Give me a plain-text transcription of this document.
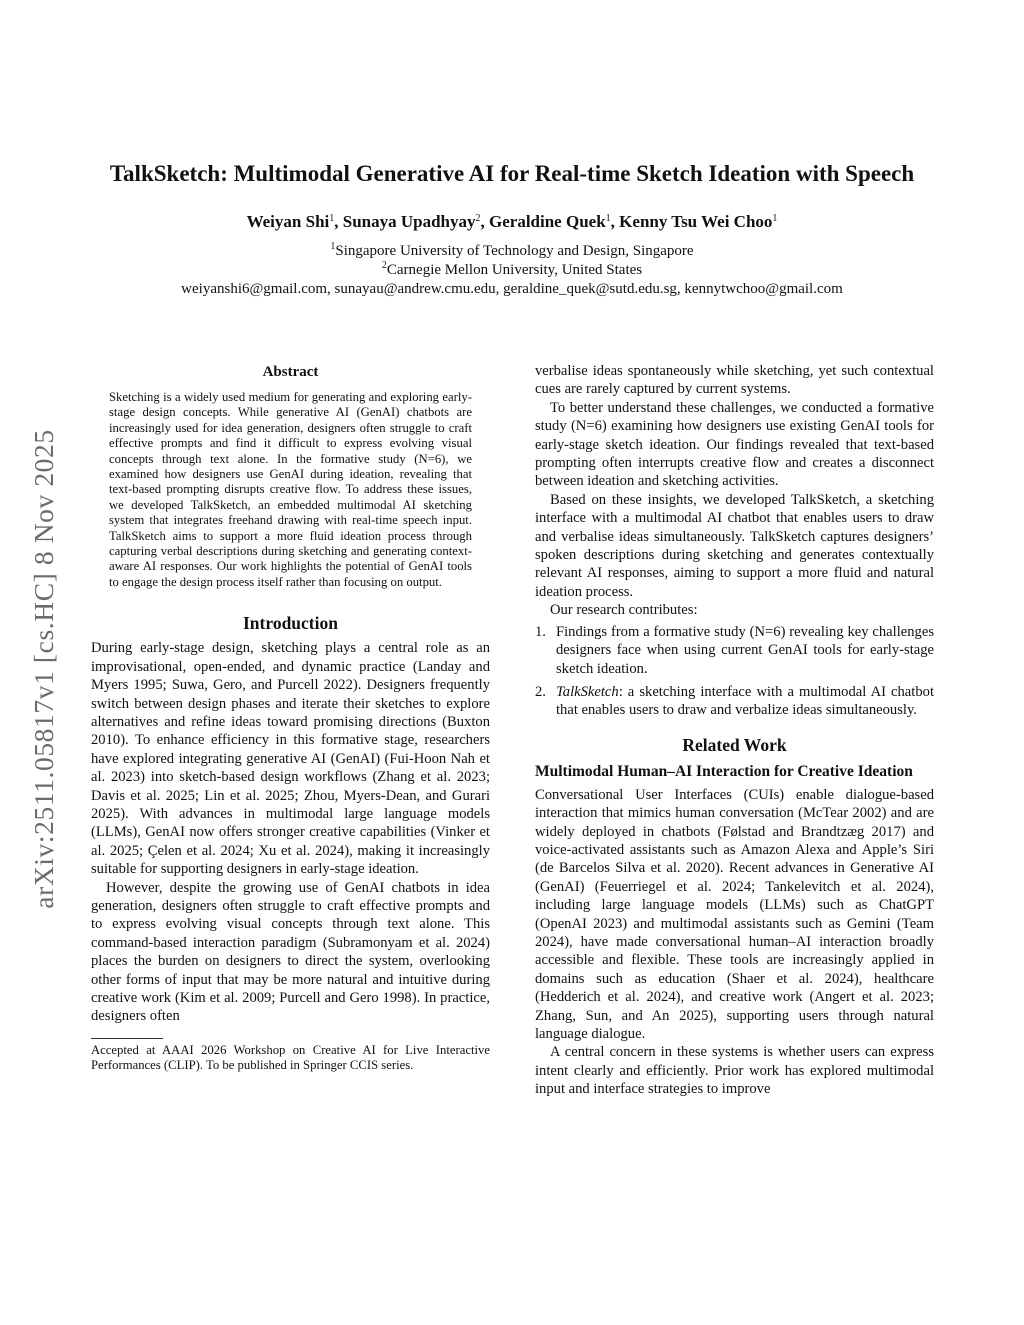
arXiv:2511.05817v1 [cs.HC] 8 Nov 2025
TalkSketch: Multimodal Generative AI for Real-time Sketch Ideation with Speech
Weiyan Shi$^1$, Sunaya Upadhyay$^2$, Geraldine Quek$^1$, Kenny Tsu Wei Choo$^1$
$^1$Singapore University of Technology and Design, Singapore
$^2$Carnegie Mellon University, United States
weiyanshi6@gmail.com, sunayau@andrew.cmu.edu, geraldine_quek@sutd.edu.sg, kennytwchoo@gmail.com
Abstract

Sketching is a widely used medium for generating and exploring early-stage design concepts. While generative AI (GenAI) chatbots are increasingly used for idea generation, designers often struggle to craft effective prompts and find it difficult to express evolving visual concepts through text alone. In the formative study (N=6), we examined how designers use GenAI during ideation, revealing that text-based prompting disrupts creative flow. To address these issues, we developed TalkSketch, an embedded multimodal AI sketching system that integrates freehand drawing with real-time speech input. TalkSketch aims to support a more fluid ideation process through capturing verbal descriptions during sketching and generating context-aware AI responses. Our work highlights the potential of GenAI tools to engage the design process itself rather than focusing on output.

Introduction

During early-stage design, sketching plays a central role as an improvisational, open-ended, and dynamic practice (Landay and Myers 1995; Suwa, Gero, and Purcell 2022). Designers frequently switch between design phases and iterate their sketches to explore alternatives and refine ideas toward promising directions (Buxton 2010). To enhance efficiency in this formative stage, researchers have explored integrating generative AI (GenAI) (Fui-Hoon Nah et al. 2023) into sketch-based design workflows (Zhang et al. 2023; Davis et al. 2025; Lin et al. 2025; Zhou, Myers-Dean, and Gurari 2025). With advances in multimodal large language models (LLMs), GenAI now offers stronger creative capabilities (Vinker et al. 2025; Çelen et al. 2024; Xu et al. 2024), making it increasingly suitable for supporting designers in early-stage ideation.

However, despite the growing use of GenAI chatbots in idea generation, designers often struggle to craft effective prompts and to express evolving visual concepts through text alone. This command-based interaction paradigm (Subramonyam et al. 2024) places the burden on designers to direct the system, overlooking other forms of input that may be more natural and intuitive during creative work (Kim et al. 2009; Purcell and Gero 1998). In practice, designers often

Accepted at AAAI 2026 Workshop on Creative AI for Live Interactive Performances (CLIP). To be published in Springer CCIS series.

verbalise ideas spontaneously while sketching, yet such contextual cues are rarely captured by current systems.

To better understand these challenges, we conducted a formative study (N=6) examining how designers use existing GenAI tools for early-stage sketch ideation. Our findings revealed that text-based prompting often interrupts creative flow and creates a disconnect between ideation and sketching activities.

Based on these insights, we developed TalkSketch, a sketching interface with a multimodal AI chatbot that enables users to draw and verbalise ideas simultaneously. TalkSketch captures designers’ spoken descriptions during sketching and generates contextually relevant AI responses, aiming to support a more fluid and natural ideation process.

Our research contributes:

1. Findings from a formative study (N=6) revealing key challenges designers face when using current GenAI tools for early-stage sketch ideation.
2. TalkSketch: a sketching interface with a multimodal AI chatbot that enables users to draw and verbalize ideas simultaneously.
Related Work
Multimodal Human–AI Interaction for Creative Ideation

Conversational User Interfaces (CUIs) enable dialogue-based interaction that mimics human conversation (McTear 2002) and are widely deployed in chatbots (Følstad and Brandtzæg 2017) and voice-activated assistants such as Amazon Alexa and Apple’s Siri (de Barcelos Silva et al. 2020). Recent advances in Generative AI (GenAI) (Feuerriegel et al. 2024; Tankelevitch et al. 2024), including large language models (LLMs) such as ChatGPT (OpenAI 2023) and multimodal assistants such as Gemini (Team 2024), have made conversational human–AI interaction broadly accessible and flexible. These tools are increasingly applied in domains such as education (Shaer et al. 2024), healthcare (Hedderich et al. 2024), and creative work (Angert et al. 2023; Zhang, Sun, and An 2025), supporting users through natural language dialogue.

A central concern in these systems is whether users can express intent clearly and efficiently. Prior work has explored multimodal input and interface strategies to improve
